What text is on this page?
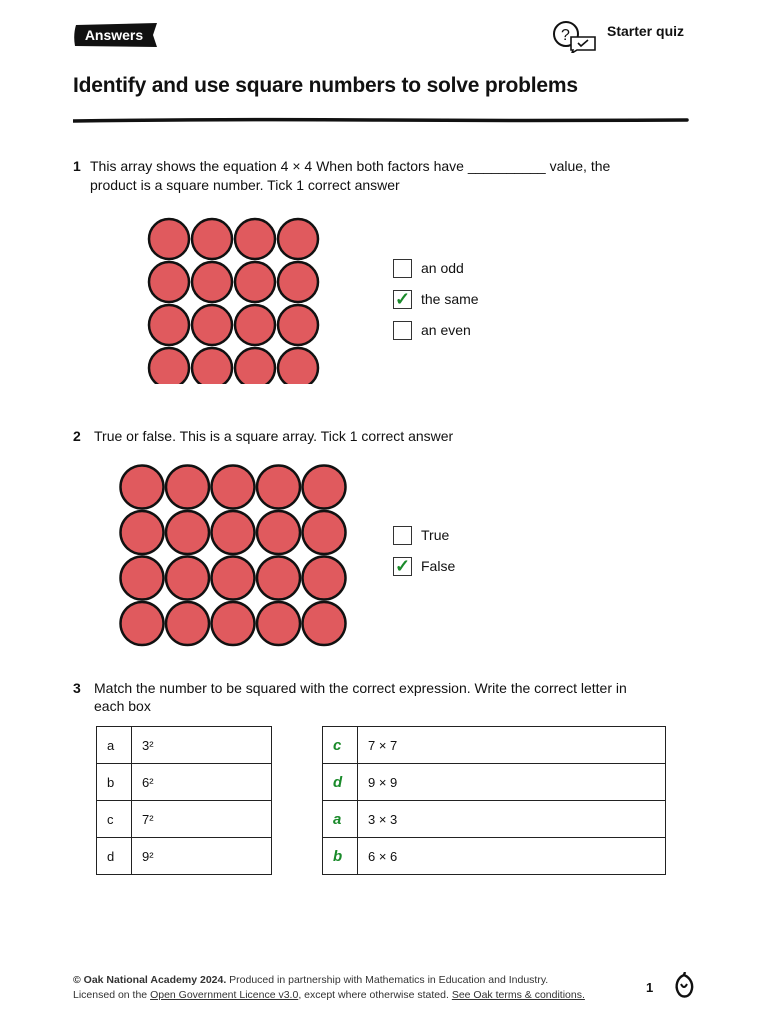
Answers	?	Starter quiz
Identify and use square numbers to solve problems
1 This array shows the equation 4 × 4 When both factors have __________ value, the
product is a square number. Tick 1 correct answer
an odd
✓ the same
an even
2 True or false. This is a square array. Tick 1 correct answer
True
✓ False
3 Match the number to be squared with the correct expression. Write the correct letter in
each box
a	3²
b	6²
c	7²
d	9²
c	7 × 7
d	9 × 9
a	3 × 3
b	6 × 6
© Oak National Academy 2024. Produced in partnership with Mathematics in Education and Industry.
Licensed on the Open Government Licence v3.0, except where otherwise stated. See Oak terms & conditions.	1
